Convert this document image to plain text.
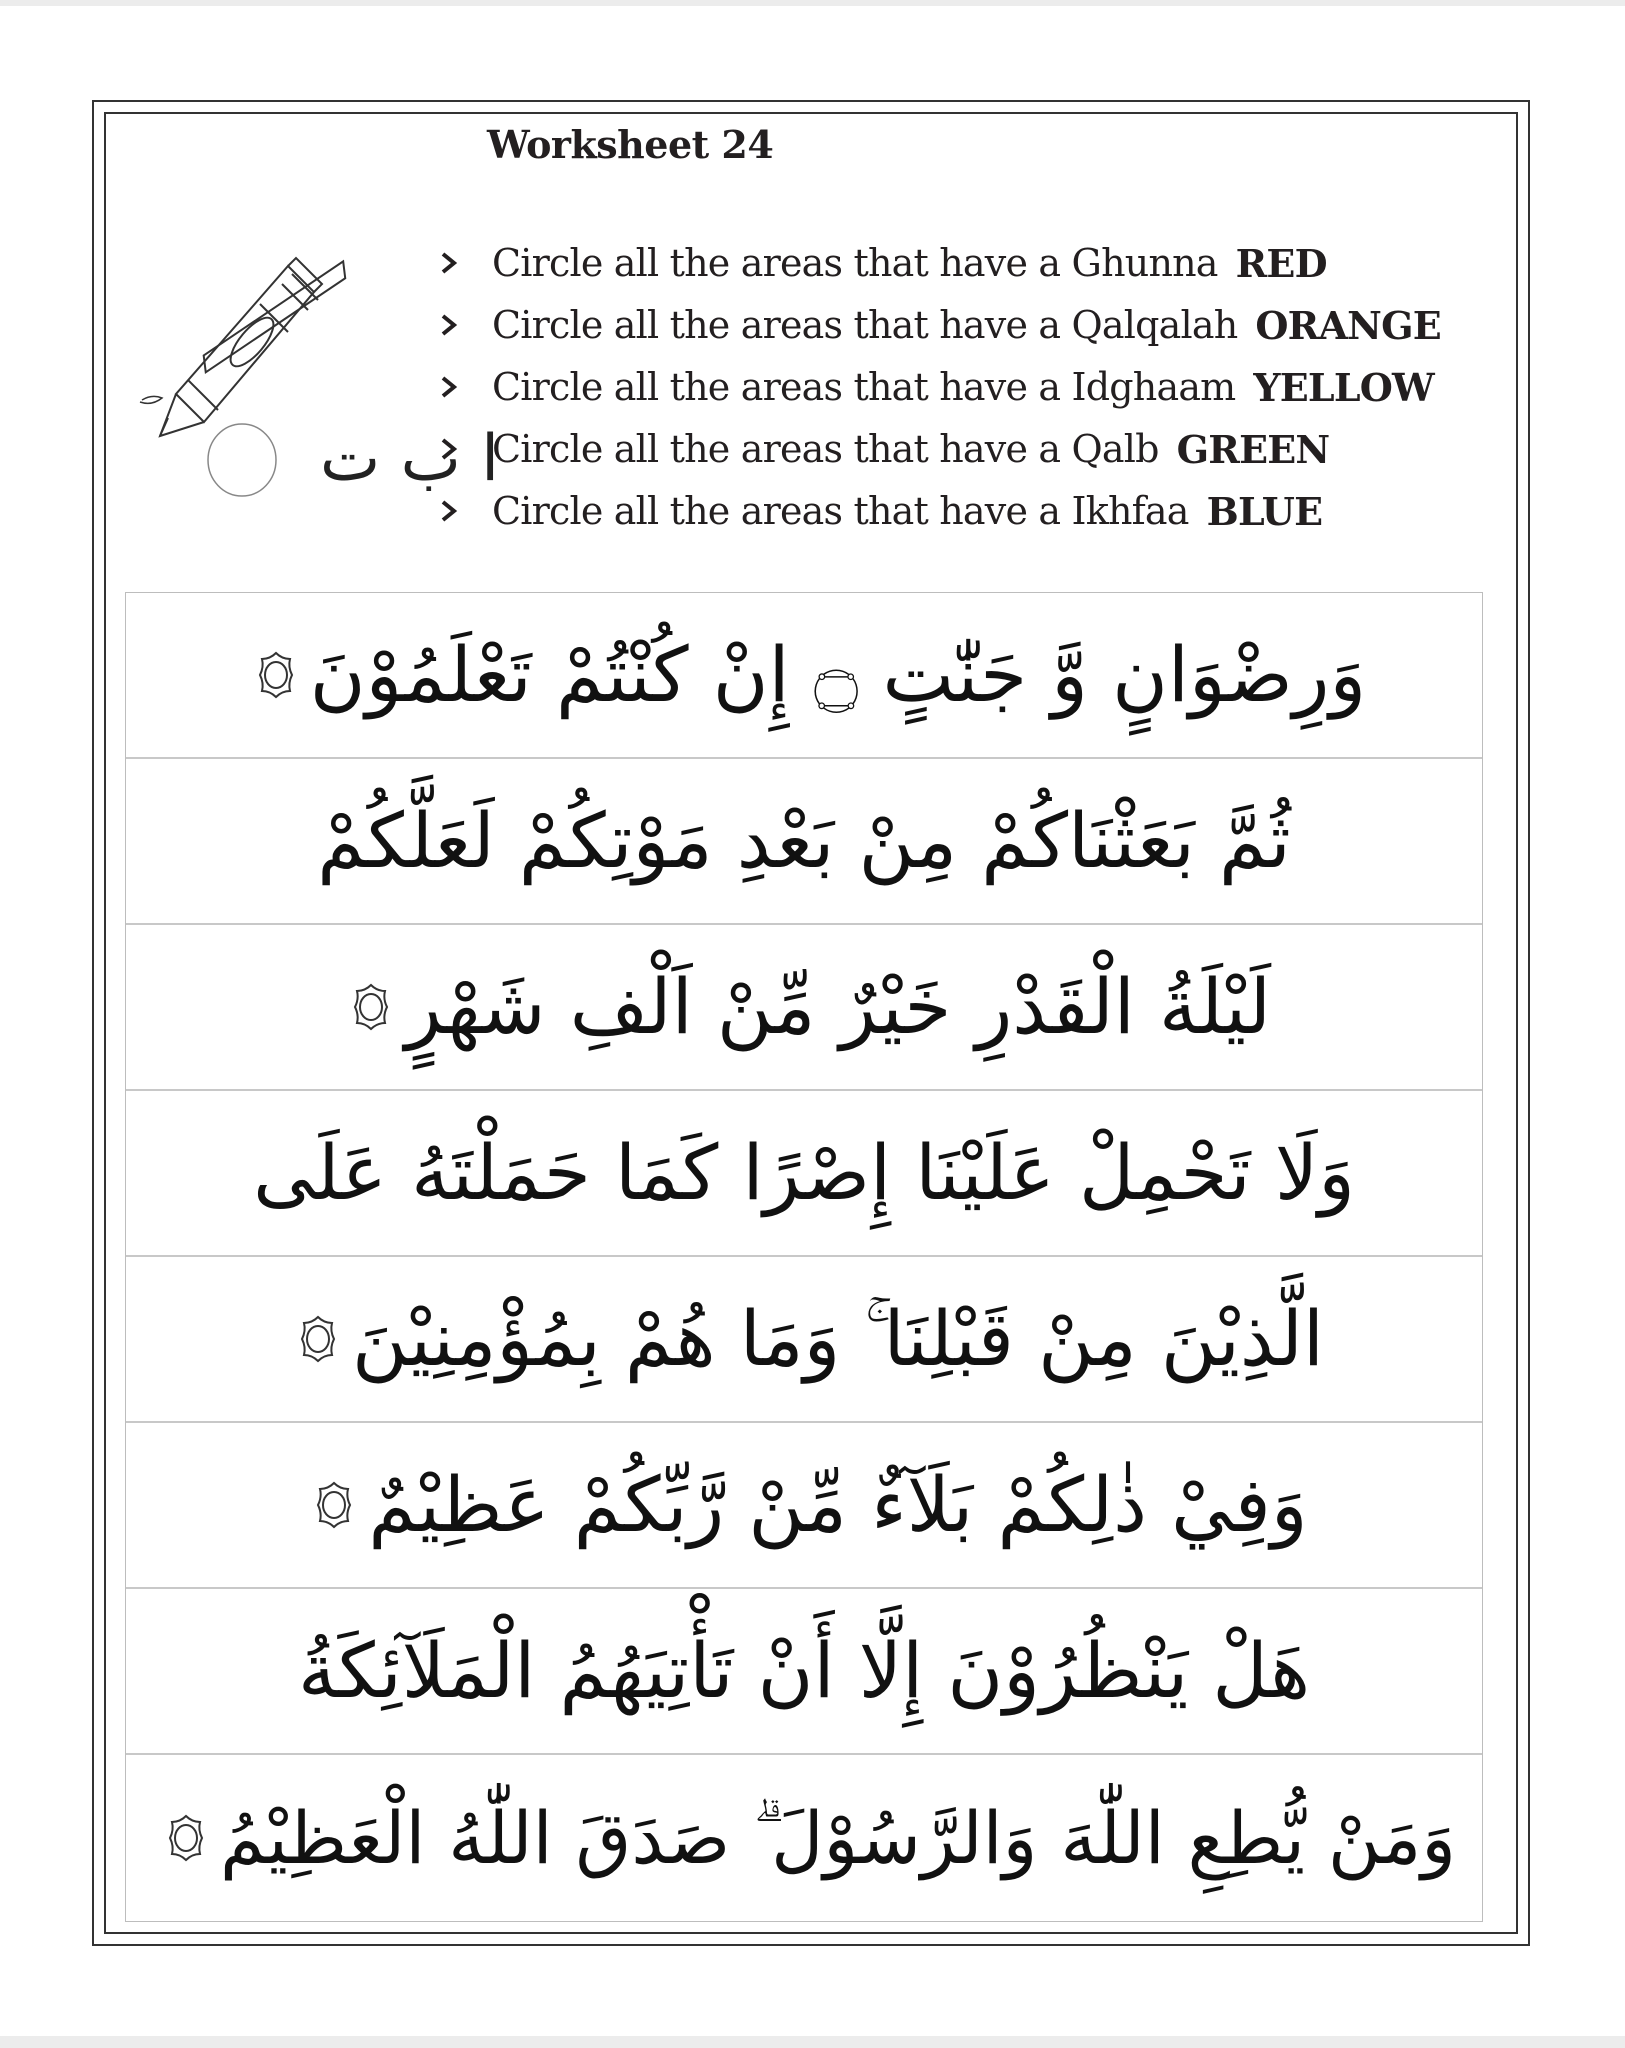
Worksheet 24
ا ب ت
Circle all the areas that have a Ghunna RED
Circle all the areas that have a Qalqalah ORANGE
Circle all the areas that have a Idghaam YELLOW
Circle all the areas that have a Qalb GREEN
Circle all the areas that have a Ikhfaa BLUE
وَرِضْوَانٍ وَّ جَنّٰتٍ ۝ إِنْ كُنْتُمْ تَعْلَمُوْنَ
ثُمَّ بَعَثْنَاكُمْ مِنْ بَعْدِ مَوْتِكُمْ لَعَلَّكُمْ
لَيْلَةُ الْقَدْرِ خَيْرٌ مِّنْ اَلْفِ شَهْرٍ
وَلَا تَحْمِلْ عَلَيْنَا إِصْرًا كَمَا حَمَلْتَهُ عَلَى
الَّذِيْنَ مِنْ قَبْلِنَا ۚ وَمَا هُمْ بِمُؤْمِنِيْنَ
وَفِيْ ذٰلِكُمْ بَلَآءٌ مِّنْ رَّبِّكُمْ عَظِيْمٌ
هَلْ يَنْظُرُوْنَ إِلَّا أَنْ تَأْتِيَهُمُ الْمَلَآئِكَةُ
وَمَنْ يُّطِعِ اللّٰهَ وَالرَّسُوْلَ ۗ صَدَقَ اللّٰهُ الْعَظِيْمُ
